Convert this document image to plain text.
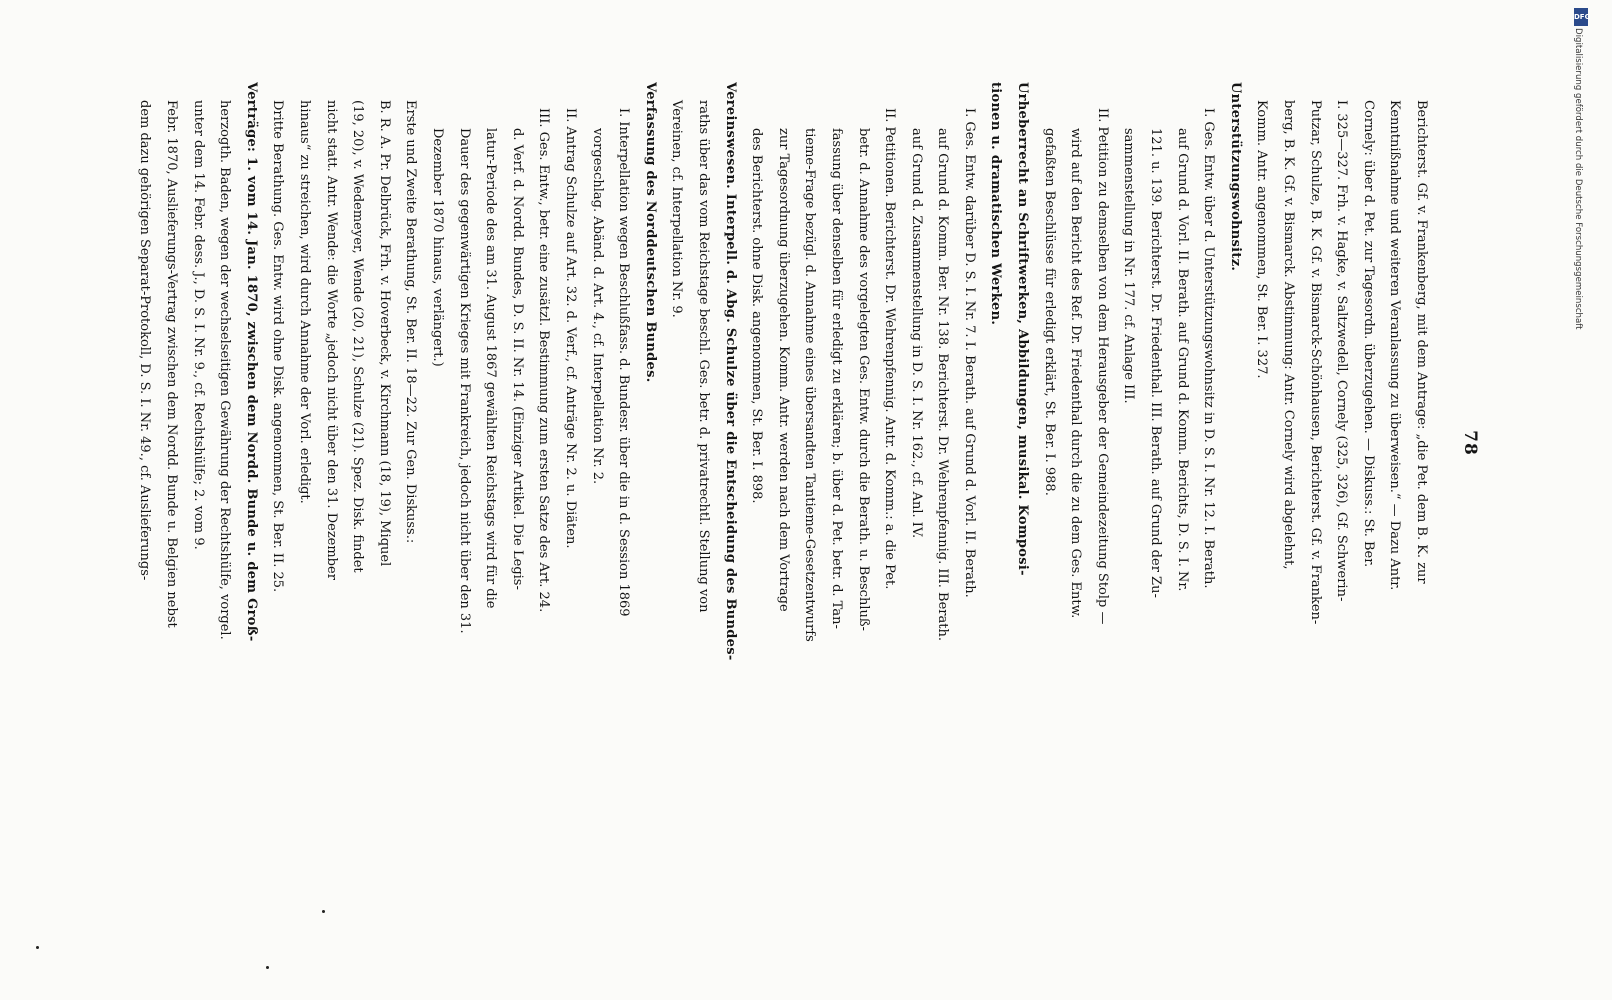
78
Berichterst. Gf. v. Frankenberg, mit dem Antrage: „die Pet. dem B. K. zur
Kenntnißnahme und weiteren Veranlassung zu überweisen.“ — Dazu Antr.
Cornely: über d. Pet. zur Tagesordn. überzugehen. — Diskuss.: St. Ber.
I. 325—327. Frh. v. Hagke, v. Saltzwedell, Cornely (325, 326), Gf. Schwerin-
Putzar, Schulze, B. K. Gf. v. Bismarck-Schönhausen, Berichterst. Gf. v. Franken-
berg, B. K. Gf. v. Bismarck. Abstimmung: Antr. Cornely wird abgelehnt,
Komm. Antr. angenommen, St. Ber. I. 327.
Unterstützungswohnsitz.
I. Ges. Entw. über d. Unterstützungswohnsitz in D. S. I. Nr. 12. I. Berath.
auf Grund d. Vorl. II. Berath. auf Grund d. Komm. Berichts, D. S. I. Nr.
121. u. 139. Berichterst. Dr. Friedenthal. III. Berath. auf Grund der Zu-
sammenstellung in Nr. 177. cf. Anlage III.
II. Petition zu demselben von dem Herausgeber der Gemeindezeitung Stolp —
wird auf den Bericht des Ref. Dr. Friedenthal durch die zu dem Ges. Entw.
gefaßten Beschlüsse für erledigt erklärt, St. Ber. I. 988.
Urheberrecht an Schriftwerken, Abbildungen, musikal. Komposi-
tionen u. dramatischen Werken.
I. Ges. Entw. darüber D. S. I. Nr. 7. I. Berath. auf Grund d. Vorl. II. Berath.
auf Grund d. Komm. Ber. Nr. 138. Berichterst. Dr. Wehrenpfennig. III. Berath.
auf Grund d. Zusammenstellung in D. S. I. Nr. 162., cf. Anl. IV.
II. Petitionen. Berichterst. Dr. Wehrenpfennig. Antr. d. Komm.: a. die Pet.
betr. d. Annahme des vorgelegten Ges. Entw. durch die Berath. u. Beschluß-
fassung über denselben für erledigt zu erklären; b. über d. Pet. betr. d. Tan-
tieme-Frage bezügl. d. Annahme eines übersandten Tantieme-Gesetzentwurfs
zur Tagesordnung überzugehen. Komm. Antr. werden nach dem Vortrage
des Berichterst. ohne Disk. angenommen, St. Ber. I. 898.
Vereinswesen. Interpell. d. Abg. Schulze über die Entscheidung des Bundes-
raths über das vom Reichstage beschl. Ges. betr. d. privatrechtl. Stellung von
Vereinen, cf. Interpellation Nr. 9.
Verfassung des Norddeutschen Bundes.
I. Interpellation wegen Beschlußfass. d. Bundesr. über die in d. Session 1869
vorgeschlag. Abänd. d. Art. 4., cf. Interpellation Nr. 2.
II. Antrag Schulze auf Art. 32. d. Verf., cf. Anträge Nr. 2. u. Diäten.
III. Ges. Entw., betr. eine zusätzl. Bestimmung zum ersten Satze des Art. 24.
d. Verf. d. Nordd. Bundes, D. S. II. Nr. 14. (Einziger Artikel. Die Legis-
latur-Periode des am 31. August 1867 gewählten Reichstags wird für die
Dauer des gegenwärtigen Krieges mit Frankreich, jedoch nicht über den 31.
Dezember 1870 hinaus, verlängert.)
Erste und Zweite Berathung, St. Ber. II. 18—22. Zur Gen. Diskuss.:
B. R. A. Pr. Delbrück, Frh. v. Hoverbeck, v. Kirchmann (18, 19), Miquel
(19, 20), v. Wedemeyer, Wende (20, 21), Schulze (21). Spez. Disk. findet
nicht statt. Antr. Wende: die Worte „jedoch nicht über den 31. Dezember
hinaus“ zu streichen, wird durch Annahme der Vorl. erledigt.
Dritte Berathung. Ges. Entw. wird ohne Disk. angenommen, St. Ber. II. 25.
Verträge: 1. vom 14. Jan. 1870, zwischen dem Nordd. Bunde u. dem Groß-
herzogth. Baden, wegen der wechselseitigen Gewährung der Rechtshülfe, vorgel.
unter dem 14. Febr. dess. J., D. S. I. Nr. 9., cf. Rechtshülfe; 2. vom 9.
Febr. 1870, Auslieferungs-Vertrag zwischen dem Nordd. Bunde u. Belgien nebst
dem dazu gehörigen Separat-Protokoll, D. S. I. Nr. 49., cf. Auslieferungs-
DFG
Digitalisierung gefördert durch die Deutsche Forschungsgemeinschaft
